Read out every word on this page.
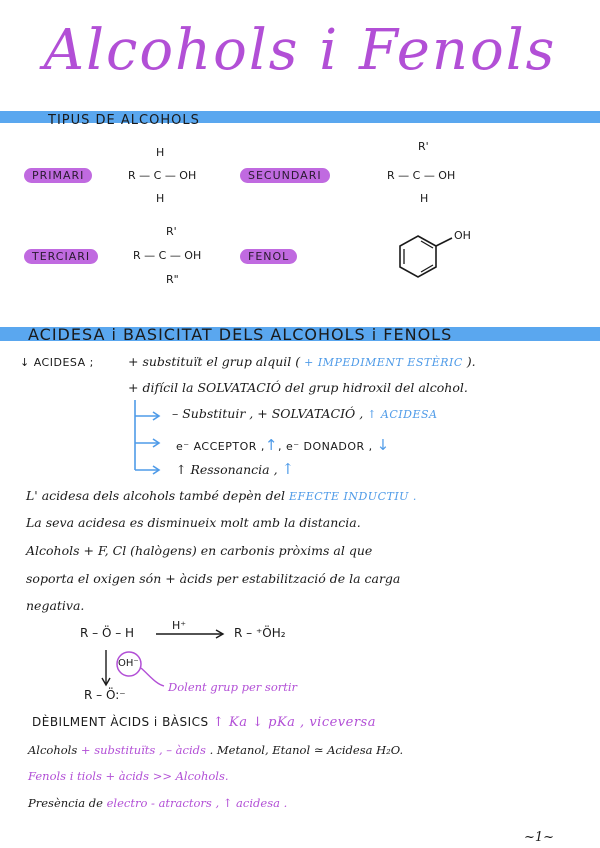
Alcohols i Fenols
TIPUS DE ALCOHOLS
PRIMARI	SECUNDARI
TERCIARI	FENOL
H
R — C — OH
H
R'
R — C — OH
H
R'
R — C — OH
R"
OH
ACIDESA i BASICITAT DELS ALCOHOLS i FENOLS
↓ ACIDESA ;	+ substituït el grup alquil ( + IMPEDIMENT ESTÈRIC ).
+ difícil la SOLVATACIÓ del grup hidroxil del alcohol.
– Substituir , + SOLVATACIÓ , ↑ ACIDESA
e⁻ ACCEPTOR ,↑, e⁻ DONADOR , ↓
↑ Ressonancia , ↑
L' acidesa dels alcohols també depèn del EFECTE INDUCTIU .
La seva acidesa es disminueix molt amb la distancia.
Alcohols + F, Cl (halògens) en carbonis pròxims al que
soporta el oxigen són + àcids per estabilització de la carga
negativa.
R – Ö – H
H⁺
R – ⁺ÖH₂
OH⁻
R – Ö:⁻
Dolent grup per sortir
DÈBILMENT ÀCIDS i BÀSICS ↑ Ka ↓ pKa , viceversa
Alcohols + substituïts , – àcids . Metanol, Etanol ≃ Acidesa H₂O.
Fenols i tiols + àcids >> Alcohols.
Presència de electro - atractors , ↑ acidesa .
~1~
